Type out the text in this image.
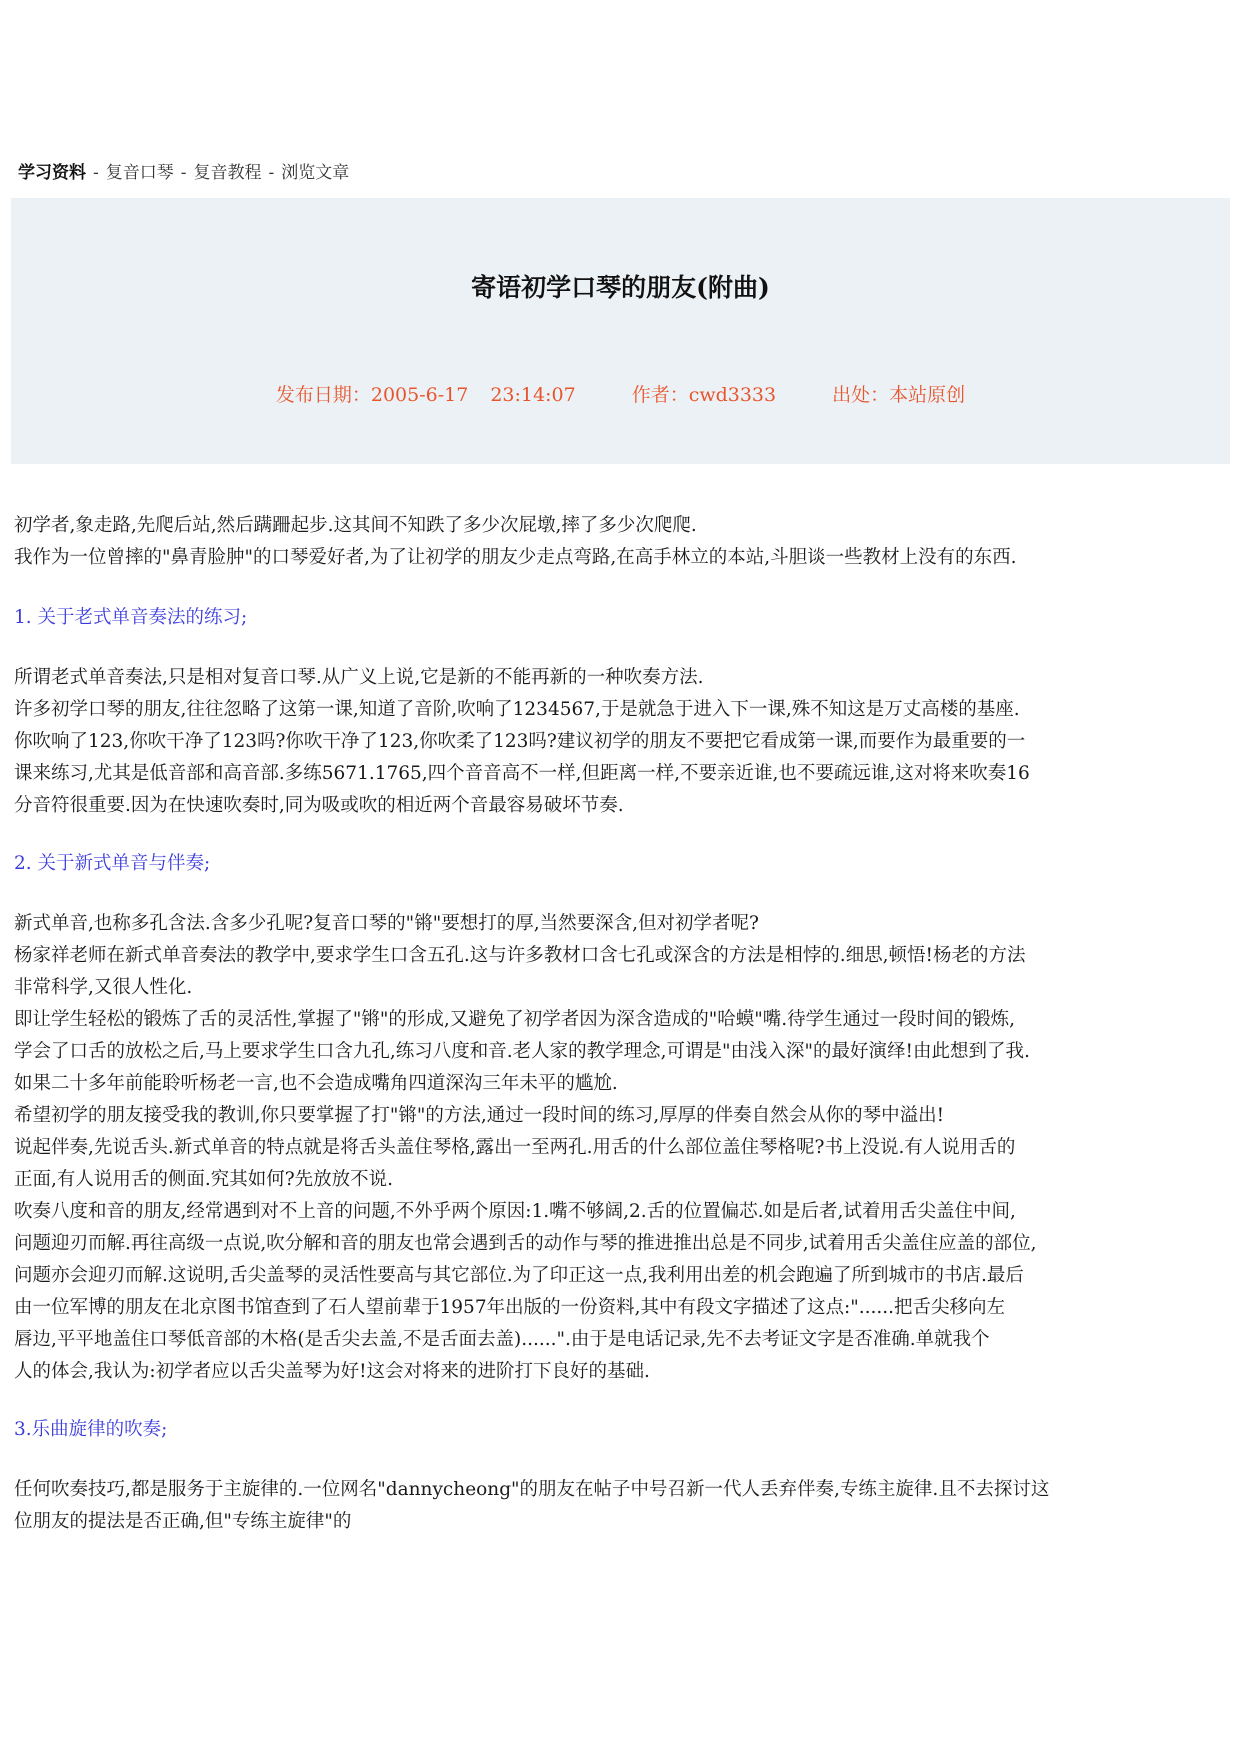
学习资料 - 复音口琴 - 复音教程 - 浏览文章
寄语初学口琴的朋友(附曲)
发布日期：2005-6-17 23:14:07	作者：cwd3333	出处：本站原创

初学者,象走路,先爬后站,然后蹒跚起步.这其间不知跌了多少次屁墩,摔了多少次爬爬.

我作为一位曾摔的"鼻青脸肿"的口琴爱好者,为了让初学的朋友少走点弯路,在高手林立的本站,斗胆谈一些教材上没有的东西.

1. 关于老式单音奏法的练习;

所谓老式单音奏法,只是相对复音口琴.从广义上说,它是新的不能再新的一种吹奏方法.

许多初学口琴的朋友,往往忽略了这第一课,知道了音阶,吹响了1234567,于是就急于进入下一课,殊不知这是万丈高楼的基座.

你吹响了123,你吹干净了123吗?你吹干净了123,你吹柔了123吗?建议初学的朋友不要把它看成第一课,而要作为最重要的一

课来练习,尤其是低音部和高音部.多练5671.1765,四个音音高不一样,但距离一样,不要亲近谁,也不要疏远谁,这对将来吹奏16

分音符很重要.因为在快速吹奏时,同为吸或吹的相近两个音最容易破坏节奏.

2. 关于新式单音与伴奏;

新式单音,也称多孔含法.含多少孔呢?复音口琴的"锵"要想打的厚,当然要深含,但对初学者呢?

杨家祥老师在新式单音奏法的教学中,要求学生口含五孔.这与许多教材口含七孔或深含的方法是相悖的.细思,顿悟!杨老的方法

非常科学,又很人性化.

即让学生轻松的锻炼了舌的灵活性,掌握了"锵"的形成,又避免了初学者因为深含造成的"哈蟆"嘴.待学生通过一段时间的锻炼,

学会了口舌的放松之后,马上要求学生口含九孔,练习八度和音.老人家的教学理念,可谓是"由浅入深"的最好演绎!由此想到了我.

如果二十多年前能聆听杨老一言,也不会造成嘴角四道深沟三年未平的尴尬.

希望初学的朋友接受我的教训,你只要掌握了打"锵"的方法,通过一段时间的练习,厚厚的伴奏自然会从你的琴中溢出!

说起伴奏,先说舌头.新式单音的特点就是将舌头盖住琴格,露出一至两孔.用舌的什么部位盖住琴格呢?书上没说.有人说用舌的

正面,有人说用舌的侧面.究其如何?先放放不说.

吹奏八度和音的朋友,经常遇到对不上音的问题,不外乎两个原因:1.嘴不够阔,2.舌的位置偏芯.如是后者,试着用舌尖盖住中间,

问题迎刃而解.再往高级一点说,吹分解和音的朋友也常会遇到舌的动作与琴的推进推出总是不同步,试着用舌尖盖住应盖的部位,

问题亦会迎刃而解.这说明,舌尖盖琴的灵活性要高与其它部位.为了印正这一点,我利用出差的机会跑遍了所到城市的书店.最后

由一位军博的朋友在北京图书馆查到了石人望前辈于1957年出版的一份资料,其中有段文字描述了这点:"......把舌尖移向左

唇边,平平地盖住口琴低音部的木格(是舌尖去盖,不是舌面去盖)......".由于是电话记录,先不去考证文字是否准确.单就我个

人的体会,我认为:初学者应以舌尖盖琴为好!这会对将来的进阶打下良好的基础.

3.乐曲旋律的吹奏;

任何吹奏技巧,都是服务于主旋律的.一位网名"dannycheong"的朋友在帖子中号召新一代人丢弃伴奏,专练主旋律.且不去探讨这

位朋友的提法是否正确,但"专练主旋律"的
